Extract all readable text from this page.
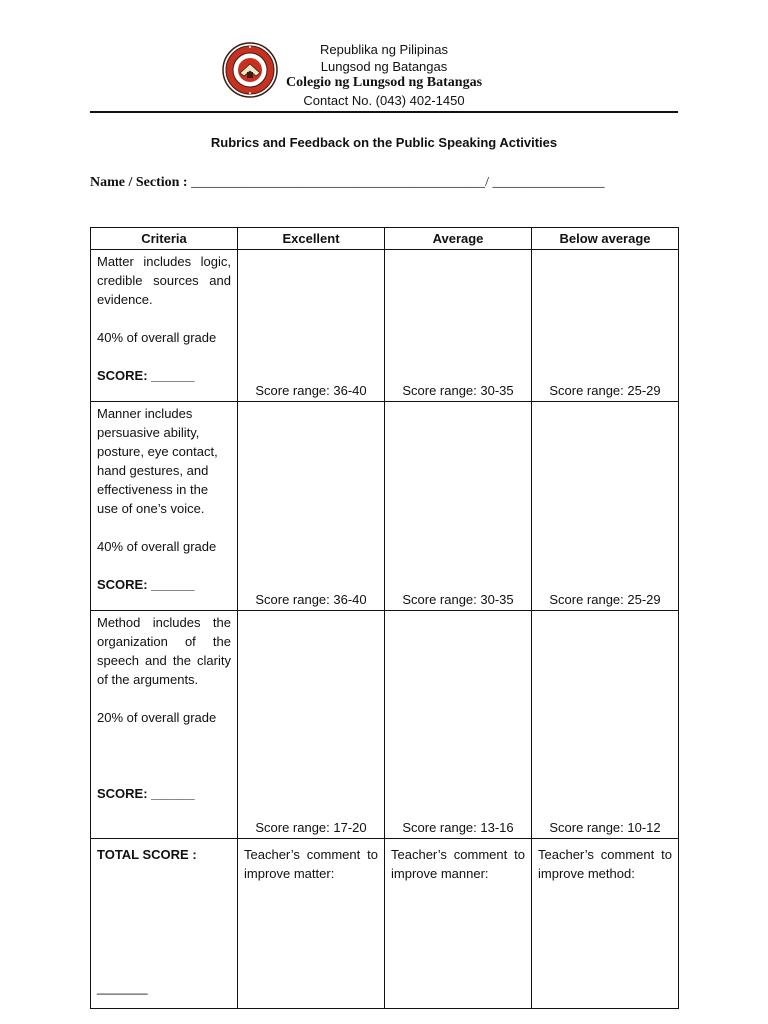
Republika ng Pilipinas
Lungsod ng Batangas
Colegio ng Lungsod ng Batangas
Contact No. (043) 402-1450
Rubrics and Feedback on the Public Speaking Activities
Name / Section : __________________________________________/ ________________
Criteria	Excellent	Average	Below average

Matter includes logic, credible sources and evidence.

40% of overall grade

SCORE: ______	Score range: 36-40	Score range: 30-35	Score range: 25-29

Manner includes persuasive ability, posture, eye contact, hand gestures, and effectiveness in the use of one’s voice.

40% of overall grade

SCORE: ______	Score range: 36-40	Score range: 30-35	Score range: 25-29

Method includes the organization of the speech and the clarity of the arguments.

20% of overall grade

SCORE: ______	Score range: 17-20	Score range: 13-16	Score range: 10-12

TOTAL SCORE :

_______	Teacher’s comment to improve matter:	Teacher’s comment to improve manner:	Teacher’s comment to improve method:
